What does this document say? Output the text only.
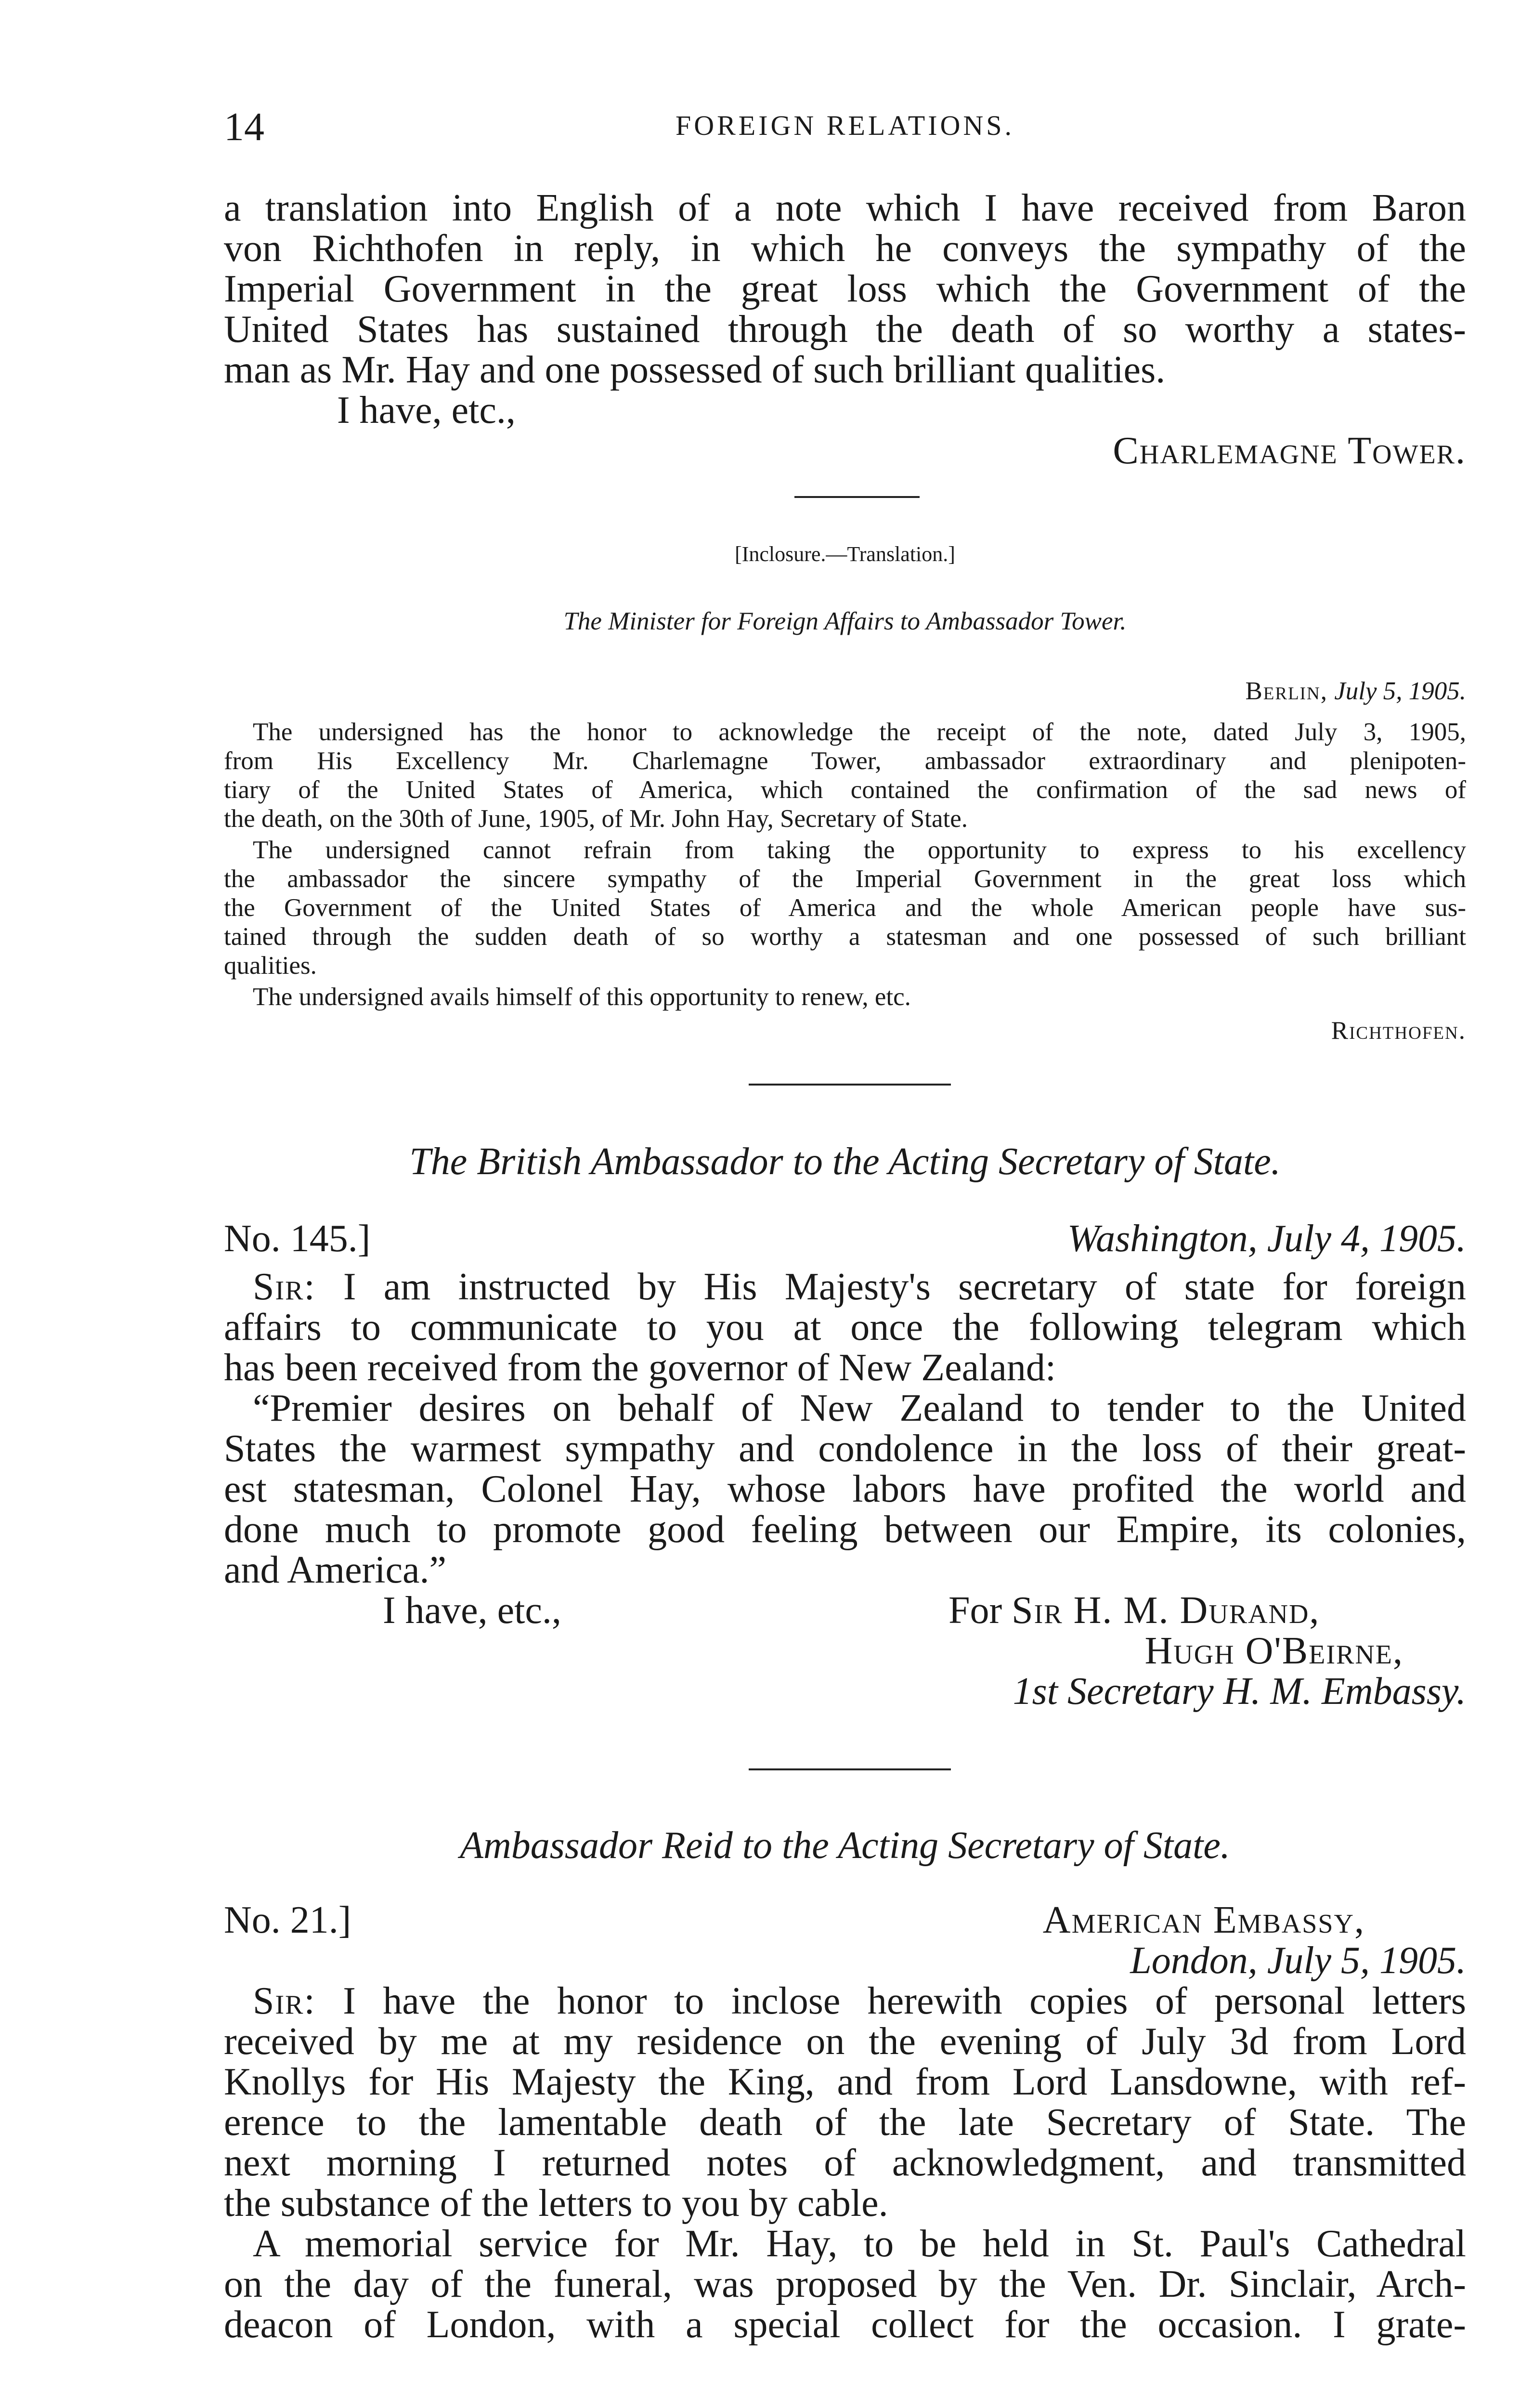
14	FOREIGN RELATIONS.
a translation into English of a note which I have received from Baron
von Richthofen in reply, in which he conveys the sympathy of the
Imperial Government in the great loss which the Government of the
United States has sustained through the death of so worthy a states-
man as Mr. Hay and one possessed of such brilliant qualities.
I have, etc.,
Charlemagne Tower.
[Inclosure.—Translation.]
The Minister for Foreign Affairs to Ambassador Tower.
Berlin, July 5, 1905.
The undersigned has the honor to acknowledge the receipt of the note, dated July 3, 1905,
from His Excellency Mr. Charlemagne Tower, ambassador extraordinary and plenipoten-
tiary of the United States of America, which contained the confirmation of the sad news of
the death, on the 30th of June, 1905, of Mr. John Hay, Secretary of State.
The undersigned cannot refrain from taking the opportunity to express to his excellency
the ambassador the sincere sympathy of the Imperial Government in the great loss which
the Government of the United States of America and the whole American people have sus-
tained through the sudden death of so worthy a statesman and one possessed of such brilliant
qualities.
The undersigned avails himself of this opportunity to renew, etc.
Richthofen.
The British Ambassador to the Acting Secretary of State.
No. 145.]	Washington, July 4, 1905.
Sir: I am instructed by His Majesty's secretary of state for foreign
affairs to communicate to you at once the following telegram which
has been received from the governor of New Zealand:
“Premier desires on behalf of New Zealand to tender to the United
States the warmest sympathy and condolence in the loss of their great-
est statesman, Colonel Hay, whose labors have profited the world and
done much to promote good feeling between our Empire, its colonies,
and America.”
I have, etc.,	For Sir H. M. Durand,
Hugh O'Beirne,
1st Secretary H. M. Embassy.
Ambassador Reid to the Acting Secretary of State.
No. 21.]	American Embassy,
London, July 5, 1905.
Sir: I have the honor to inclose herewith copies of personal letters
received by me at my residence on the evening of July 3d from Lord
Knollys for His Majesty the King, and from Lord Lansdowne, with ref-
erence to the lamentable death of the late Secretary of State. The
next morning I returned notes of acknowledgment, and transmitted
the substance of the letters to you by cable.
A memorial service for Mr. Hay, to be held in St. Paul's Cathedral
on the day of the funeral, was proposed by the Ven. Dr. Sinclair, Arch-
deacon of London, with a special collect for the occasion. I grate-
